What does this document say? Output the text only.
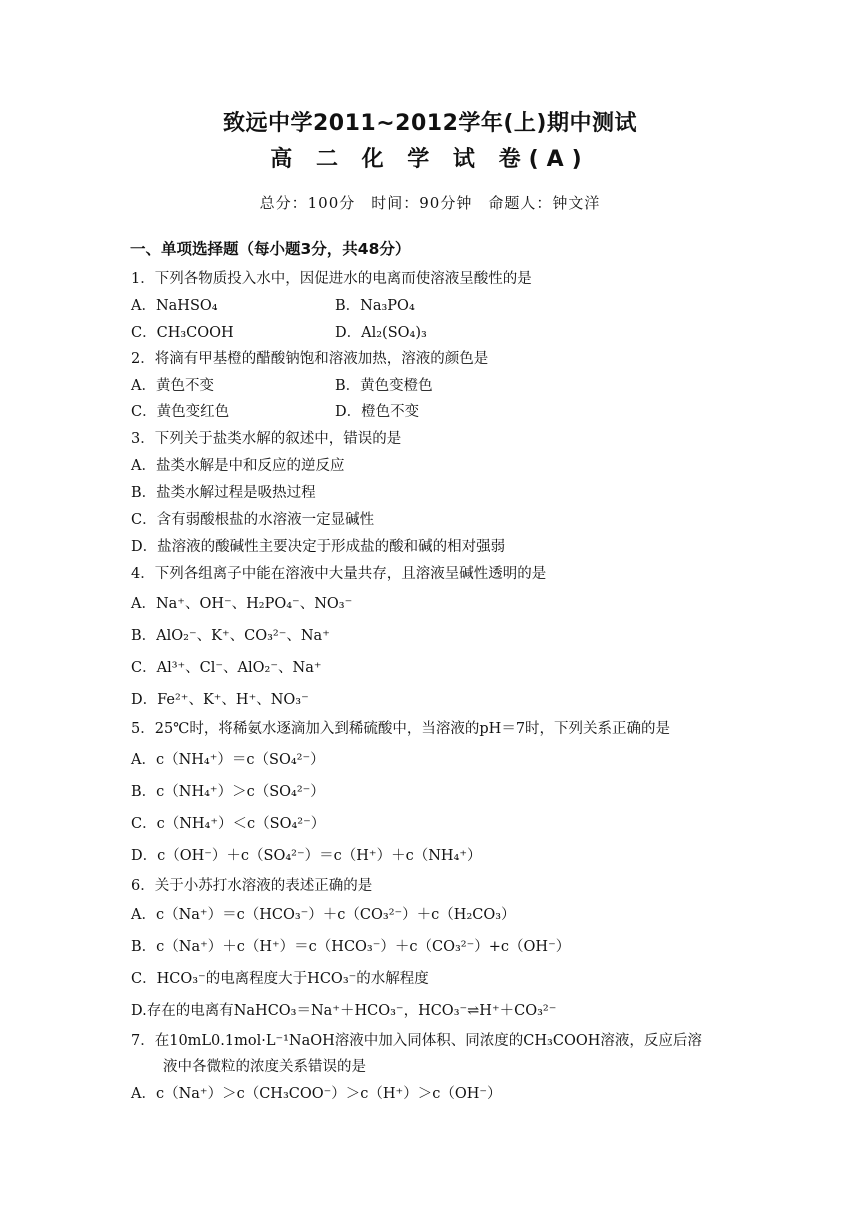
致远中学2011~2012学年(上)期中测试
高 二 化 学 试 卷(A)
总分：100分　时间：90分钟　命题人：钟文洋
一、单项选择题（每小题3分，共48分）
1．下列各物质投入水中，因促进水的电离而使溶液呈酸性的是
A．NaHSO₄	B．Na₃PO₄
C．CH₃COOH	D．Al₂(SO₄)₃
2．将滴有甲基橙的醋酸钠饱和溶液加热，溶液的颜色是
A．黄色不变	B．黄色变橙色
C．黄色变红色	D．橙色不变
3．下列关于盐类水解的叙述中，错误的是
A．盐类水解是中和反应的逆反应
B．盐类水解过程是吸热过程
C．含有弱酸根盐的水溶液一定显碱性
D．盐溶液的酸碱性主要决定于形成盐的酸和碱的相对强弱
4．下列各组离子中能在溶液中大量共存，且溶液呈碱性透明的是
A．Na⁺、OH⁻、H₂PO₄⁻、NO₃⁻
B．AlO₂⁻、K⁺、CO₃²⁻、Na⁺
C．Al³⁺、Cl⁻、AlO₂⁻、Na⁺
D．Fe²⁺、K⁺、H⁺、NO₃⁻
5．25℃时，将稀氨水逐滴加入到稀硫酸中，当溶液的pH＝7时，下列关系正确的是
A．c（NH₄⁺）＝c（SO₄²⁻）
B．c（NH₄⁺）＞c（SO₄²⁻）
C．c（NH₄⁺）＜c（SO₄²⁻）
D．c（OH⁻）＋c（SO₄²⁻）＝c（H⁺）＋c（NH₄⁺）
6．关于小苏打水溶液的表述正确的是
A．c（Na⁺）＝c（HCO₃⁻）＋c（CO₃²⁻）＋c（H₂CO₃）
B．c（Na⁺）＋c（H⁺）＝c（HCO₃⁻）＋c（CO₃²⁻）+c（OH⁻）
C．HCO₃⁻的电离程度大于HCO₃⁻的水解程度
D.存在的电离有NaHCO₃＝Na⁺＋HCO₃⁻，HCO₃⁻⇌H⁺＋CO₃²⁻
7．在10mL0.1mol·L⁻¹NaOH溶液中加入同体积、同浓度的CH₃COOH溶液，反应后溶
液中各微粒的浓度关系错误的是
A．c（Na⁺）＞c（CH₃COO⁻）＞c（H⁺）＞c（OH⁻）
